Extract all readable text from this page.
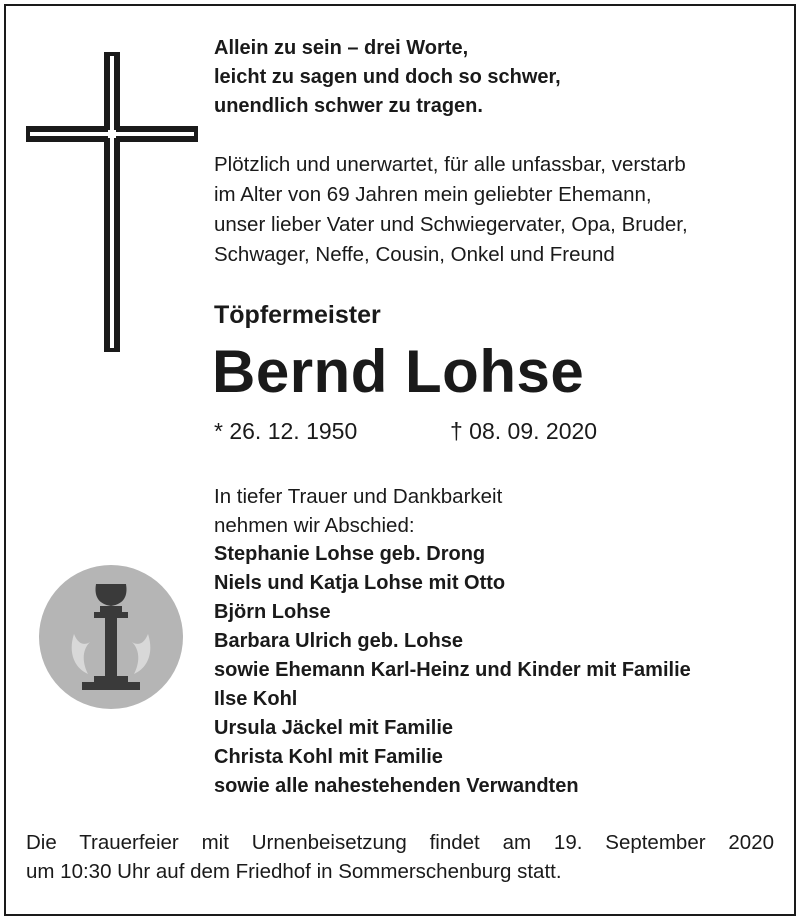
Allein zu sein – drei Worte,
leicht zu sagen und doch so schwer,
unendlich schwer zu tragen.
Plötzlich und unerwartet, für alle unfassbar, verstarb
im Alter von 69 Jahren mein geliebter Ehemann,
unser lieber Vater und Schwiegervater, Opa, Bruder,
Schwager, Neffe, Cousin, Onkel und Freund
Töpfermeister
Bernd Lohse
* 26. 12. 1950	† 08. 09. 2020
In tiefer Trauer und Dankbarkeit
nehmen wir Abschied:
Stephanie Lohse geb. Drong
Niels und Katja Lohse mit Otto
Björn Lohse
Barbara Ulrich geb. Lohse
sowie Ehemann Karl-Heinz und Kinder mit Familie
Ilse Kohl
Ursula Jäckel mit Familie
Christa Kohl mit Familie
sowie alle nahestehenden Verwandten
Die Trauerfeier mit Urnenbeisetzung findet am 19. September 2020
um 10:30 Uhr auf dem Friedhof in Sommerschenburg statt.
